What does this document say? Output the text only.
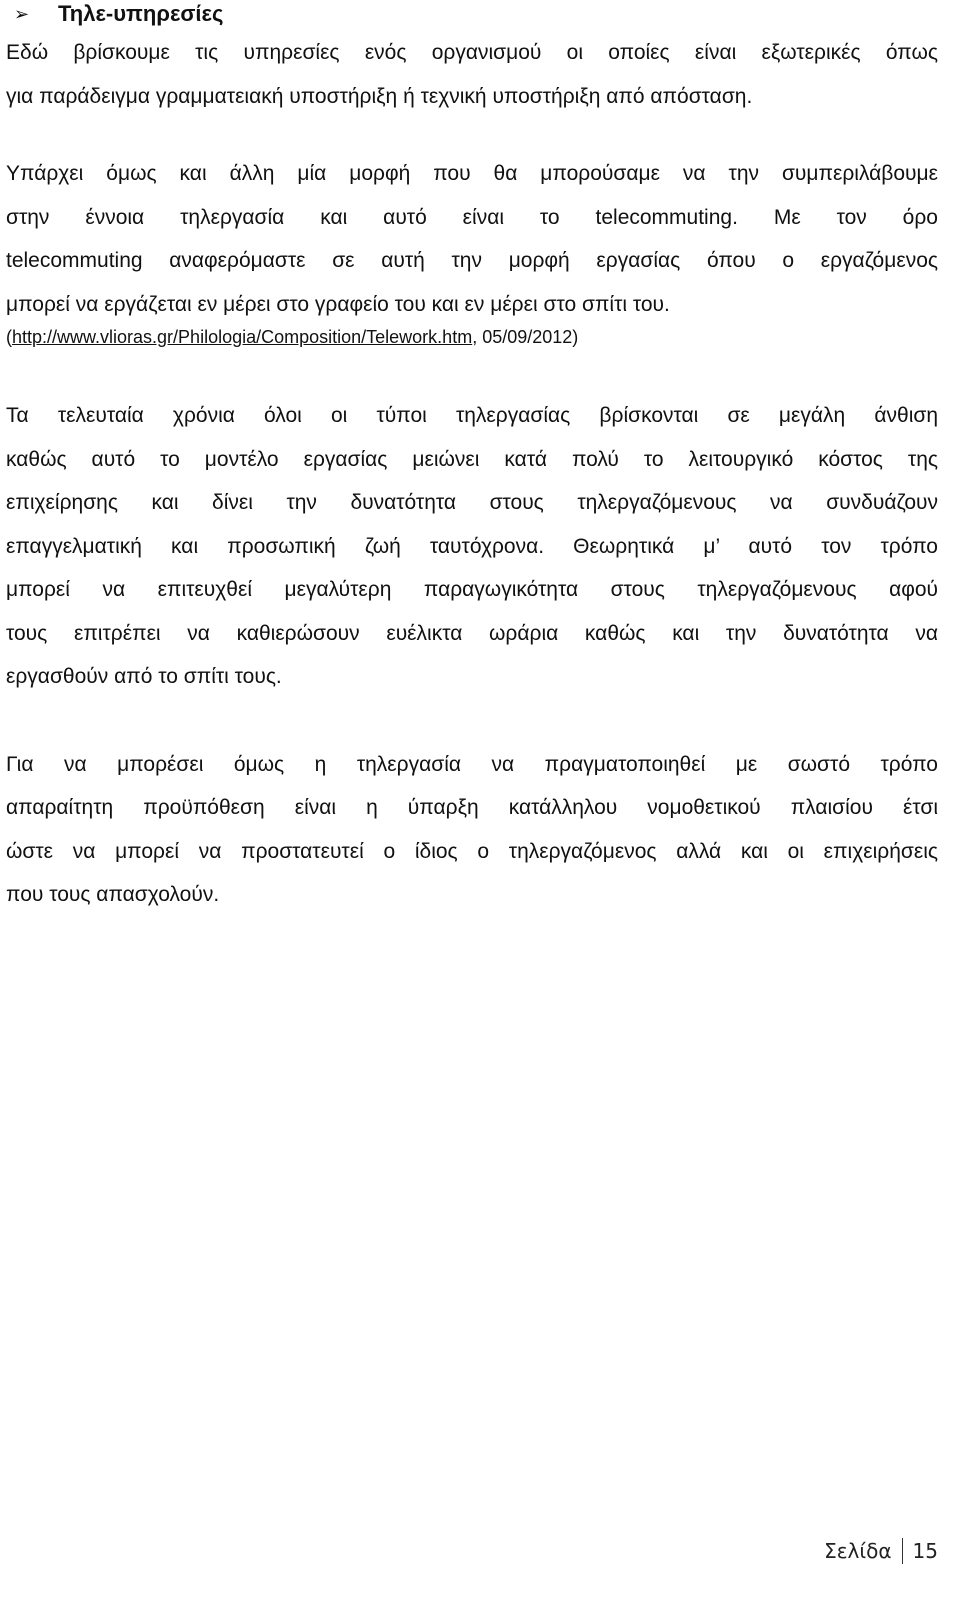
➢ Τηλε-υπηρεσίες

Εδώ βρίσκουμε τις υπηρεσίες ενός οργανισμού οι οποίες είναι εξωτερικές όπως
για παράδειγμα γραμματειακή υποστήριξη ή τεχνική υποστήριξη από απόσταση.

Υπάρχει όμως και άλλη μία μορφή που θα μπορούσαμε να την συμπεριλάβουμε
στην έννοια τηλεργασία και αυτό είναι το telecommuting. Με τον όρο
telecommuting αναφερόμαστε σε αυτή την μορφή εργασίας όπου ο εργαζόμενος
μπορεί να εργάζεται εν μέρει στο γραφείο του και εν μέρει στο σπίτι του.

(http://www.vlioras.gr/Philologia/Composition/Telework.htm, 05/09/2012)

Τα τελευταία χρόνια όλοι οι τύποι τηλεργασίας βρίσκονται σε μεγάλη άνθιση
καθώς αυτό το μοντέλο εργασίας μειώνει κατά πολύ το λειτουργικό κόστος της
επιχείρησης και δίνει την δυνατότητα στους τηλεργαζόμενους να συνδυάζουν
επαγγελματική και προσωπική ζωή ταυτόχρονα. Θεωρητικά μ’ αυτό τον τρόπο
μπορεί να επιτευχθεί μεγαλύτερη παραγωγικότητα στους τηλεργαζόμενους αφού
τους επιτρέπει να καθιερώσουν ευέλικτα ωράρια καθώς και την δυνατότητα να
εργασθούν από το σπίτι τους.

Για να μπορέσει όμως η τηλεργασία να πραγματοποιηθεί με σωστό τρόπο
απαραίτητη προϋπόθεση είναι η ύπαρξη κατάλληλου νομοθετικού πλαισίου έτσι
ώστε να μπορεί να προστατευτεί ο ίδιος ο τηλεργαζόμενος αλλά και οι επιχειρήσεις
που τους απασχολούν.

Σελίδα 15
